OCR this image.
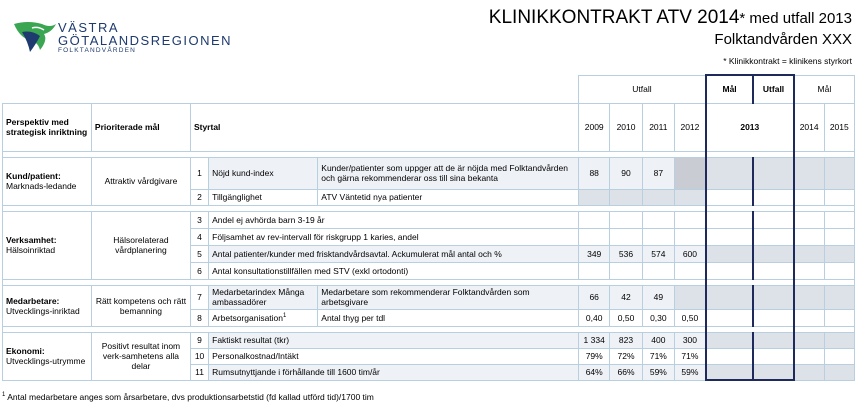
VÄSTRA
GÖTALANDSREGIONEN
FOLKTANDVÅRDEN
KLINIKKONTRAKT ATV 2014* med utfall 2013
Folktandvården XXX
* Klinikkontrakt = klinikens styrkort
					Utfall				Mål	Utfall	Mål	
Perspektiv med strategisk inriktning	Prioriterade mål	Styrtal			2009	2010	2011	2012	2013		2014	2015

Kund/patient:
Marknads-ledande	Attraktiv vårdgivare	1	Nöjd kund-index	Kunder/patienter som uppger att de är nöjda med Folktandvården och gärna rekommenderar oss till sina bekanta	88	90	87					
		2	Tillgänglighet	ATV Väntetid nya patienter								

Verksamhet:
Hälsoinriktad	Hälsorelaterad vårdplanering	3	Andel ej avhörda barn 3-19 år									
		4	Följsamhet av rev-intervall för riskgrupp 1 karies, andel									
		5	Antal patienter/kunder med frisktandvårdsavtal. Ackumulerat mål antal och %		349	536	574	600				
		6	Antal konsultationstillfällen med STV (exkl ortodonti)									

Medarbetare:
Utvecklings-inriktad	Rätt kompetens och rätt bemanning	7	Medarbetarindex Många ambassadörer	Medarbetare som rekommenderar Folktandvården som arbetsgivare	66	42	49					
		8	Arbetsorganisation$^1$	Antal thyg per tdl	0,40	0,50	0,30	0,50				

Ekonomi:
Utvecklings-utrymme	Positivt resultat inom verk-samhetens alla delar	9	Faktiskt resultat (tkr)		1 334	823	400	300				
		10	Personalkostnad/Intäkt		79%	72%	71%	71%				
		11	Rumsutnyttjande i förhållande till 1600 tim/år		64%	66%	59%	59%				
$^1$ Antal medarbetare anges som årsarbetare, dvs produktionsarbetstid (fd kallad utförd tid)/1700 tim
